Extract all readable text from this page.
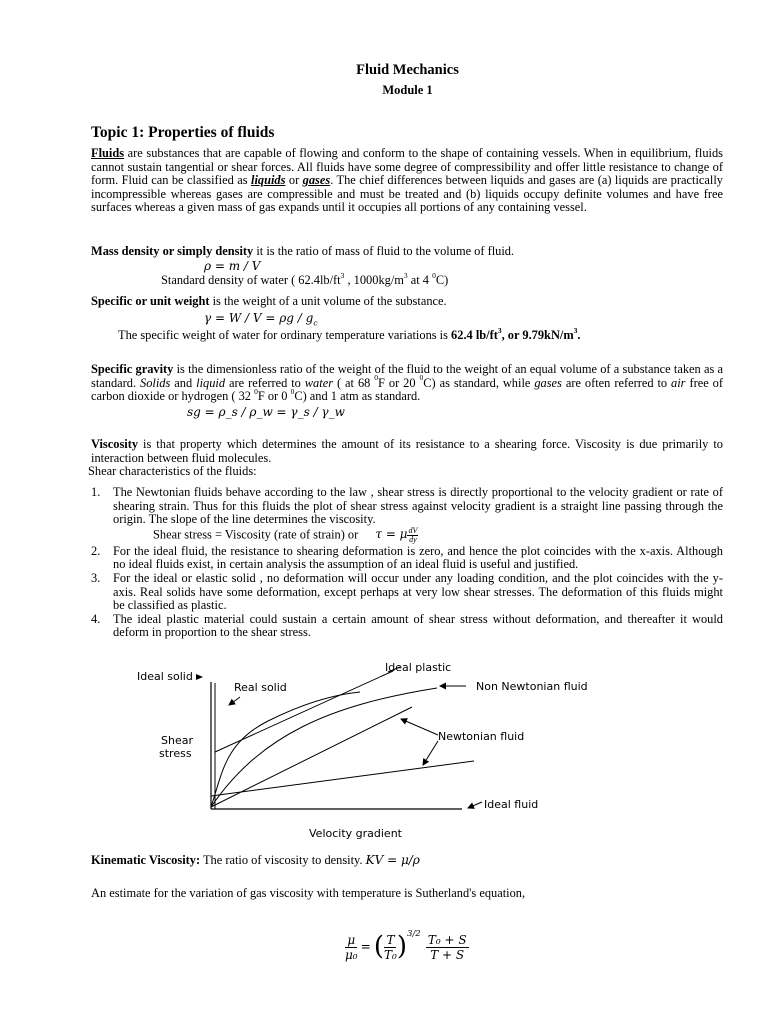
Fluid Mechanics
Module 1
Topic 1: Properties of fluids
Fluids are substances that are capable of flowing and conform to the shape of containing vessels. When in equilibrium, fluids cannot sustain tangential or shear forces. All fluids have some degree of compressibility and offer little resistance to change of form. Fluid can be classified as liquids or gases. The chief differences between liquids and gases are (a) liquids are practically incompressible whereas gases are compressible and must be treated and (b) liquids occupy definite volumes and have free surfaces whereas a given mass of gas expands until it occupies all portions of any containing vessel.
Mass density or simply density it is the ratio of mass of fluid to the volume of fluid.
ρ = m / V
Standard density of water ( $62.4lb/ft^3$ , $1000kg/m^3$ at 4 $^0$C)
Specific or unit weight is the weight of a unit volume of the substance.
$\gamma = W / V = \rho g / g_c$
The specific weight of water for ordinary temperature variations is 62.4 $lb/ft^3$, or $9.79kN/m^3$.
Specific gravity is the dimensionless ratio of the weight of the fluid to the weight of an equal volume of a substance taken as a standard. Solids and liquid are referred to water ( at 68 $^0$F or 20 $^0$C) as standard, while gases are often referred to air free of carbon dioxide or hydrogen ( 32 $^0$F or 0 $^0$C) and 1 atm as standard.
sg = ρ_s / ρ_w = γ_s / γ_w
Viscosity is that property which determines the amount of its resistance to a shearing force. Viscosity is due primarily to interaction between fluid molecules.
Shear characteristics of the fluids:
1. The Newtonian fluids behave according to the law , shear stress is directly proportional to the velocity gradient or rate of shearing strain. Thus for this fluids the plot of shear stress against velocity gradient is a straight line passing through the origin. The slope of the line determines the viscosity.
Shear stress = Viscosity (rate of strain) or τ = μ $\frac{dV}{dy}$
2. For the ideal fluid, the resistance to shearing deformation is zero, and hence the plot coincides with the x-axis. Although no ideal fluids exist, in certain analysis the assumption of an ideal fluid is useful and justified.
3. For the ideal or elastic solid , no deformation will occur under any loading condition, and the plot coincides with the y-axis. Real solids have some deformation, except perhaps at very low shear stresses. The deformation of this fluids might be classified as plastic.
4. The ideal plastic material could sustain a certain amount of shear stress without deformation, and thereafter it would deform in proportion to the shear stress.
Ideal solid
Real solid
Ideal plastic
Non Newtonian fluid
Newtonian fluid
Ideal fluid
Shear
stress
Velocity gradient
Kinematic Viscosity: The ratio of viscosity to density. KV = μ/ρ
An estimate for the variation of gas viscosity with temperature is Sutherland's equation,
$\frac{\mu}{\text{μ₀}}$ = ( $\frac{T}{\text{T₀}} )^{3/2} \frac{\text{T₀ + S}}{T + S}$
